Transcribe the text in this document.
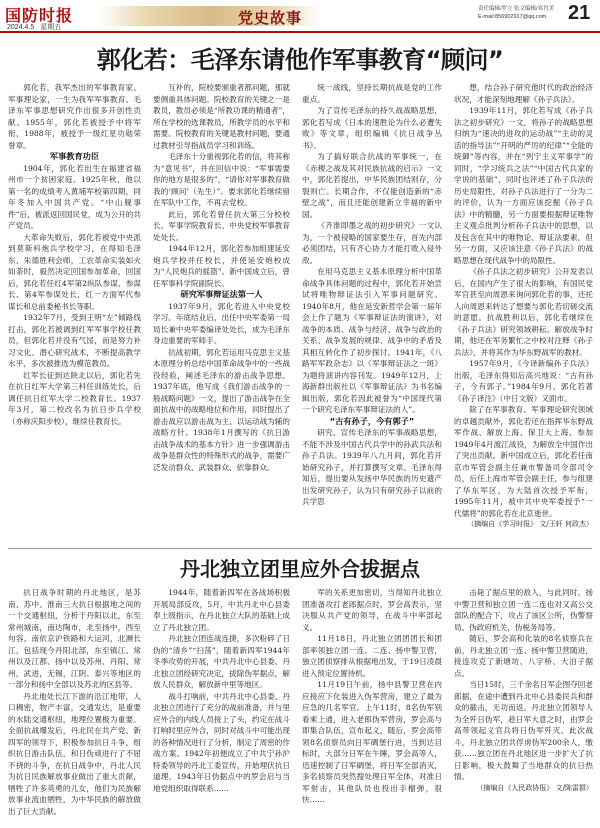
国防时报
2024.4.5 星期五
党史故事	责任编辑/罗立 张文编辑/邓肖美
E-mail:856902917@qq.com	21
郭化若：毛泽东请他作军事教育“顾问”

郭化若，我军杰出的军事教育家、军事理论家，一生为我军军事教育、毛泽东军事思想研究作出很多开创性贡献。1955年，郭化若被授予中将军衔，1988年，被授予一级红星功勋荣誉章。

军事教育功臣

1904年，郭化若出生在福建省福州市一个贫困家庭。1925年秋，他以第一名的成绩考入黄埔军校第四期，同年冬加入中国共产党。“中山舰事件”后，被派返回国民党，成为公开的共产党员。

大革命失败后，郭化若被党中央派到莫斯科炮兵学校学习，在得知毛泽东、朱德胜利会师，工农革命实装如火如荼时，毅然决定回国参加革命，回国后，郭化若任红4军第2纵队参谋、参谋长、第4军参谋处长，红一方面军代参谋长和总前委秘书长等职。

1932年7月，受到王明“左”倾路线打击，郭化若被调到红军军事学校任教员，但郭化若并没有气馁，而是努力补习文化、潜心研究战术，不断提高教学水平，多次被推选为模范教员。

红军长征到达陕北以后，郭化若先在抗日红军大学第三科任训练处长，后调任抗日红军大学二校教育长。1937年3月，第二校改名为抗日步兵学校（亦称庆阳步校），继续任教育长。

互补的，院校要颁重者都问题，那就要侧重具体问题。院校教育的关键之一是教员，教员必须是“所教功课的精通者”，所在学校的选课教员，所教学员的水平和需要。院校教育的关键是教材问题，要通过教材引导指战员学习和训练。

毛泽东十分重视郭化若的信，将其称为“意见书”，并在回信中说：“军事需要你的地方是很多的”，“请你对军事教育做我的‘顾问’（先生）”。要求郭化若继续留在军队中工作，不再去党校。

此后，郭化若曾任抗大第三分校校长、军事学院教育长、中央党校军事教育处处长。

1944年12月，郭化若参加组建延安炮兵学校并任校长，并使延安炮校成为“人民炮兵的摇篮”。新中国成立后，曾任军事科学院副院长。

研究军事辩证法第一人

1937年9月，郭化若进入中央党校学习。年底结业后，出任中央军委第一局局长兼中央军委编译处处长，成为毛泽东身边重要的军师手。

抗战初期，郭化若运用马克思主义基本原理分析总结中国革命战争中的一些战役经验，阐述毛泽东的游击战争思想。1937年底，他写成《我们游击战争的一般战略问题》一文，提出了游击战争在全面抗战中的战略地位和作用，同时提出了游击战应以游击战为主、以运动战为辅的战略方针。1938年1月撰写的《抗日游击战争战术的基本方针》进一步强调游击战争是群众性的特殊形式的战争，需要广泛发动群众、武装群众、依靠群众。

统一战线，坚持长期抗战是党的工作重点。

为了宣传毛泽东的持久战战略思想，郭化若写成《日本的速胜论为什么必遭失败》等文章，组织编辑《抗日战争丛书》。

为了搞好联合抗战的军事统一，在《赤稷之战及其对民族抗战的启示》一文中，郭化若提出，中华民族团结则存，分裂则亡。长期合作，不仅能创造新的“赤壁之战”，而且还能创建新立幸福的新中国。

《齐淮即墨之战的初步研究》一文认为，一个被侵略的国家要生存，首先内部必须团结，只有齐心协力才能打败入侵外敌。

在用马克思主义基本原理分析中国革命战争具体问题的过程中，郭化若开始尝试将唯物辩证法引入军事问题研究。1940年8月，他在延安新哲学会第一届年会上作了题为《军事辩证法的演讲》，对战争的本质、战争与经济、战争与政治的关系、战争发展的规律、战争中的矛盾及其相互转化作了初步探讨。1941年，《八路军军政杂志》以《军事辩证法之一斑》为题将演讲内容刊发。1949年12月，上海新群出版社以《军事辩证法》为书名编辑出版，郭化若因此被誉为“中国现代第一个研究毛泽东军事辩证法的人”。

“古有孙子，今有郭子”

研究、宣传毛泽东的军事战略思想，不能不涉及中国古代兵学中的孙武兵法和孙子兵法。1939年八九月间，郭化若开始研究孙子，并打算撰写文章。毛泽东得知后，提出要从发扬中华民族的历史遗产出发研究孙子，认为只有研究孙子以前的兵学思

想，结合孙子研究他时代的政治经济状况，才能深刻地理解《孙子兵法》。

1939年11月，郭化若写成《孙子兵法之初步研究》一文，将孙子的战略思想归纳为“速决的进攻的运动战”“主动的灵活的指导法”“开明的严厉的纪律”“全能的统御”等内容，并在“列宁主义军事学”的同时，“学习统兵之法”“中国古代兵家的学说的基础”，同时也评述了孙子兵法的历史局限性，对孙子兵法进行了一分为二的评价，认为一方面应该挖掘《孙子兵法》中的精髓，另一方面要根据辩证唯物主义观点批判分析孙子兵法中的思想，以及包含在其中的唯物论、辩证法要素，但另一方面，又应该注意《孙子兵法》的战略思想在现代战争中的局限性。

《孙子兵法之初步研究》公开发表以后，在国内产生了很大的影响，有国民党军官甚至向周恩来询问郭化若的事，还托人向周恩来转达了想要与郭化若切磋交流的意愿。抗战胜利以后，郭化若继续在《孙子兵法》研究领域耕耘。解放战争时期，他还在军务繁忙之中校对注释《孙子兵法》，并将其作为华东野战军的教材。

1957年9月，《今译新编孙子兵法》出版，毛泽东得知后高兴地说：“古有孙子，今有郭子。”1984年9月，郭化若著《孙子译注》（中日文版）又面市。

除了在军事教育、军事理论研究领域的卓越贡献外，郭化若还在指挥华东野战军作战、解放上海、保卫大上海、参加1949年4月渡江战役，为解放全中国作出了突出贡献。新中国成立后，郭化若任南京市军管会副主任兼市警备司令部司令员，后任上海市军管会副主任，参与组建了华东军区，为大陆首次授予军衔，1995年11月，被中共中央军委授予“一代儒将”的郭化若在北京逝世。

（摘编自《学习时报》 文/王轩 何政杰）

丹北独立团里应外合拔据点

抗日战争时期的丹北地区，是苏南、苏中、淮南三大抗日根据地之间的一个交通枢纽，分析于丹阳以北，东至常州城南，南达陶市，北至扬中，西至句容。南依京沪铁路和大运河，北濒长江，包括现今丹阳北部，东至镇江、常州以及江都、扬中以及苏州、丹阳、常州，武进，无锡，江阴、泰兴等地区的一部分和扬中全部以及苏北的区县等。

丹北地处长江下游的沿江地带，人口稠密，物产丰富，交通发达，是重要的水陆交通枢纽，地理位置极为重要。全面抗战爆发后，丹北民在共产党、新四军的领导下，积极参加抗日斗争，组织抗日游击队伍，和日伪顽进行了不屈不挠的斗争，在抗日战争中，丹北人民为抗日民族解放事业做出了重大贡献，牺牲了许多英勇的儿女，他们为民族解放事业流血牺牲，为中华民族的解放做出了巨大贡献。

1944年，随着新四军在各战场积极开展局部反攻，5月，中共丹北中心县委奉上级指示，在丹北独立大队的基础上成立了丹北独立团。

丹北独立团连战连捷，多次粉碎了日伪的“清乡”“扫荡”，随着新四军1944年冬季攻势的开展，中共丹北中心县委、丹北独立团经研究决定，拔除伪军据点，解放人民群众，解放新中里等地区。

战斗打响前，中共丹北中心县委、丹北独立团进行了充分的战前准备，并与里应外合的内线人员接上了头，约定在战斗打响时里应外合，同时对战斗中可能出现的各种情况进行了分析，制定了周密的作战方案。1942年初便成立了中共宁孙沪特委领导的丹北工委宣传，开始埋伏抗日道理，1943年日伪据点中的罗会启与当地党组织取得联系……

军的关系更加密切，当得知丹北独立团准备攻打老郎据点时，罗会高表示，坚决服从共产党的领导，在战斗中率部起义。

11月18日，丹北独立团团团长和团部率领独立团一连、二连、扬中警卫营，独立团侦察排从根据地出发，于19日凌晨进入预定位置待机。

11月19日午前，扬中县警卫营在内应接应下化装进入伪军营房，建立了最为应急的几名军官。上午11时，8名伪军别看乘上通，进入老郎伪军营房，罗会高与即集合队伍，宣布起义，随后，罗会高带领8名侦察员向日军碉堡行进，当到达目标时，大部分日军在午睡，罗会高等人，迅速控制了日军碉堡，将日军全部消灭，多名侦察员突然搜处理日军全体，对准日军射击，其他队员也投出手榴弹，很快……

击毙了据点里的敌人，与此同时，扬中警卫营和独立团一连二连也对又高公交部队的配合下，攻占了该区公所，伪警察局、伪政府机关，伪税务局等。

随后，罗会高和化装的8名侦察兵在前，丹北独立团一连、扬中警卫营随进，接连攻克了新塘坊、八字桥、大泊子据点。

当日15时，三千余名日军企图夺回老郎据，在途中遭到丹北中心县委民兵和群众的截击，无功而返。丹北独立团领导人为全歼日伪军，趁日军大意之时，由罗会高带领起义官兵将日伪军歼灭。此次战斗，丹北独立团共俘虏伪军200余人，缴获……独立团在丹北地区进一步扩大了抗日影响，极大鼓舞了当地群众的抗日热情。

（摘编自《人民政协报》 文/陈雷群）
